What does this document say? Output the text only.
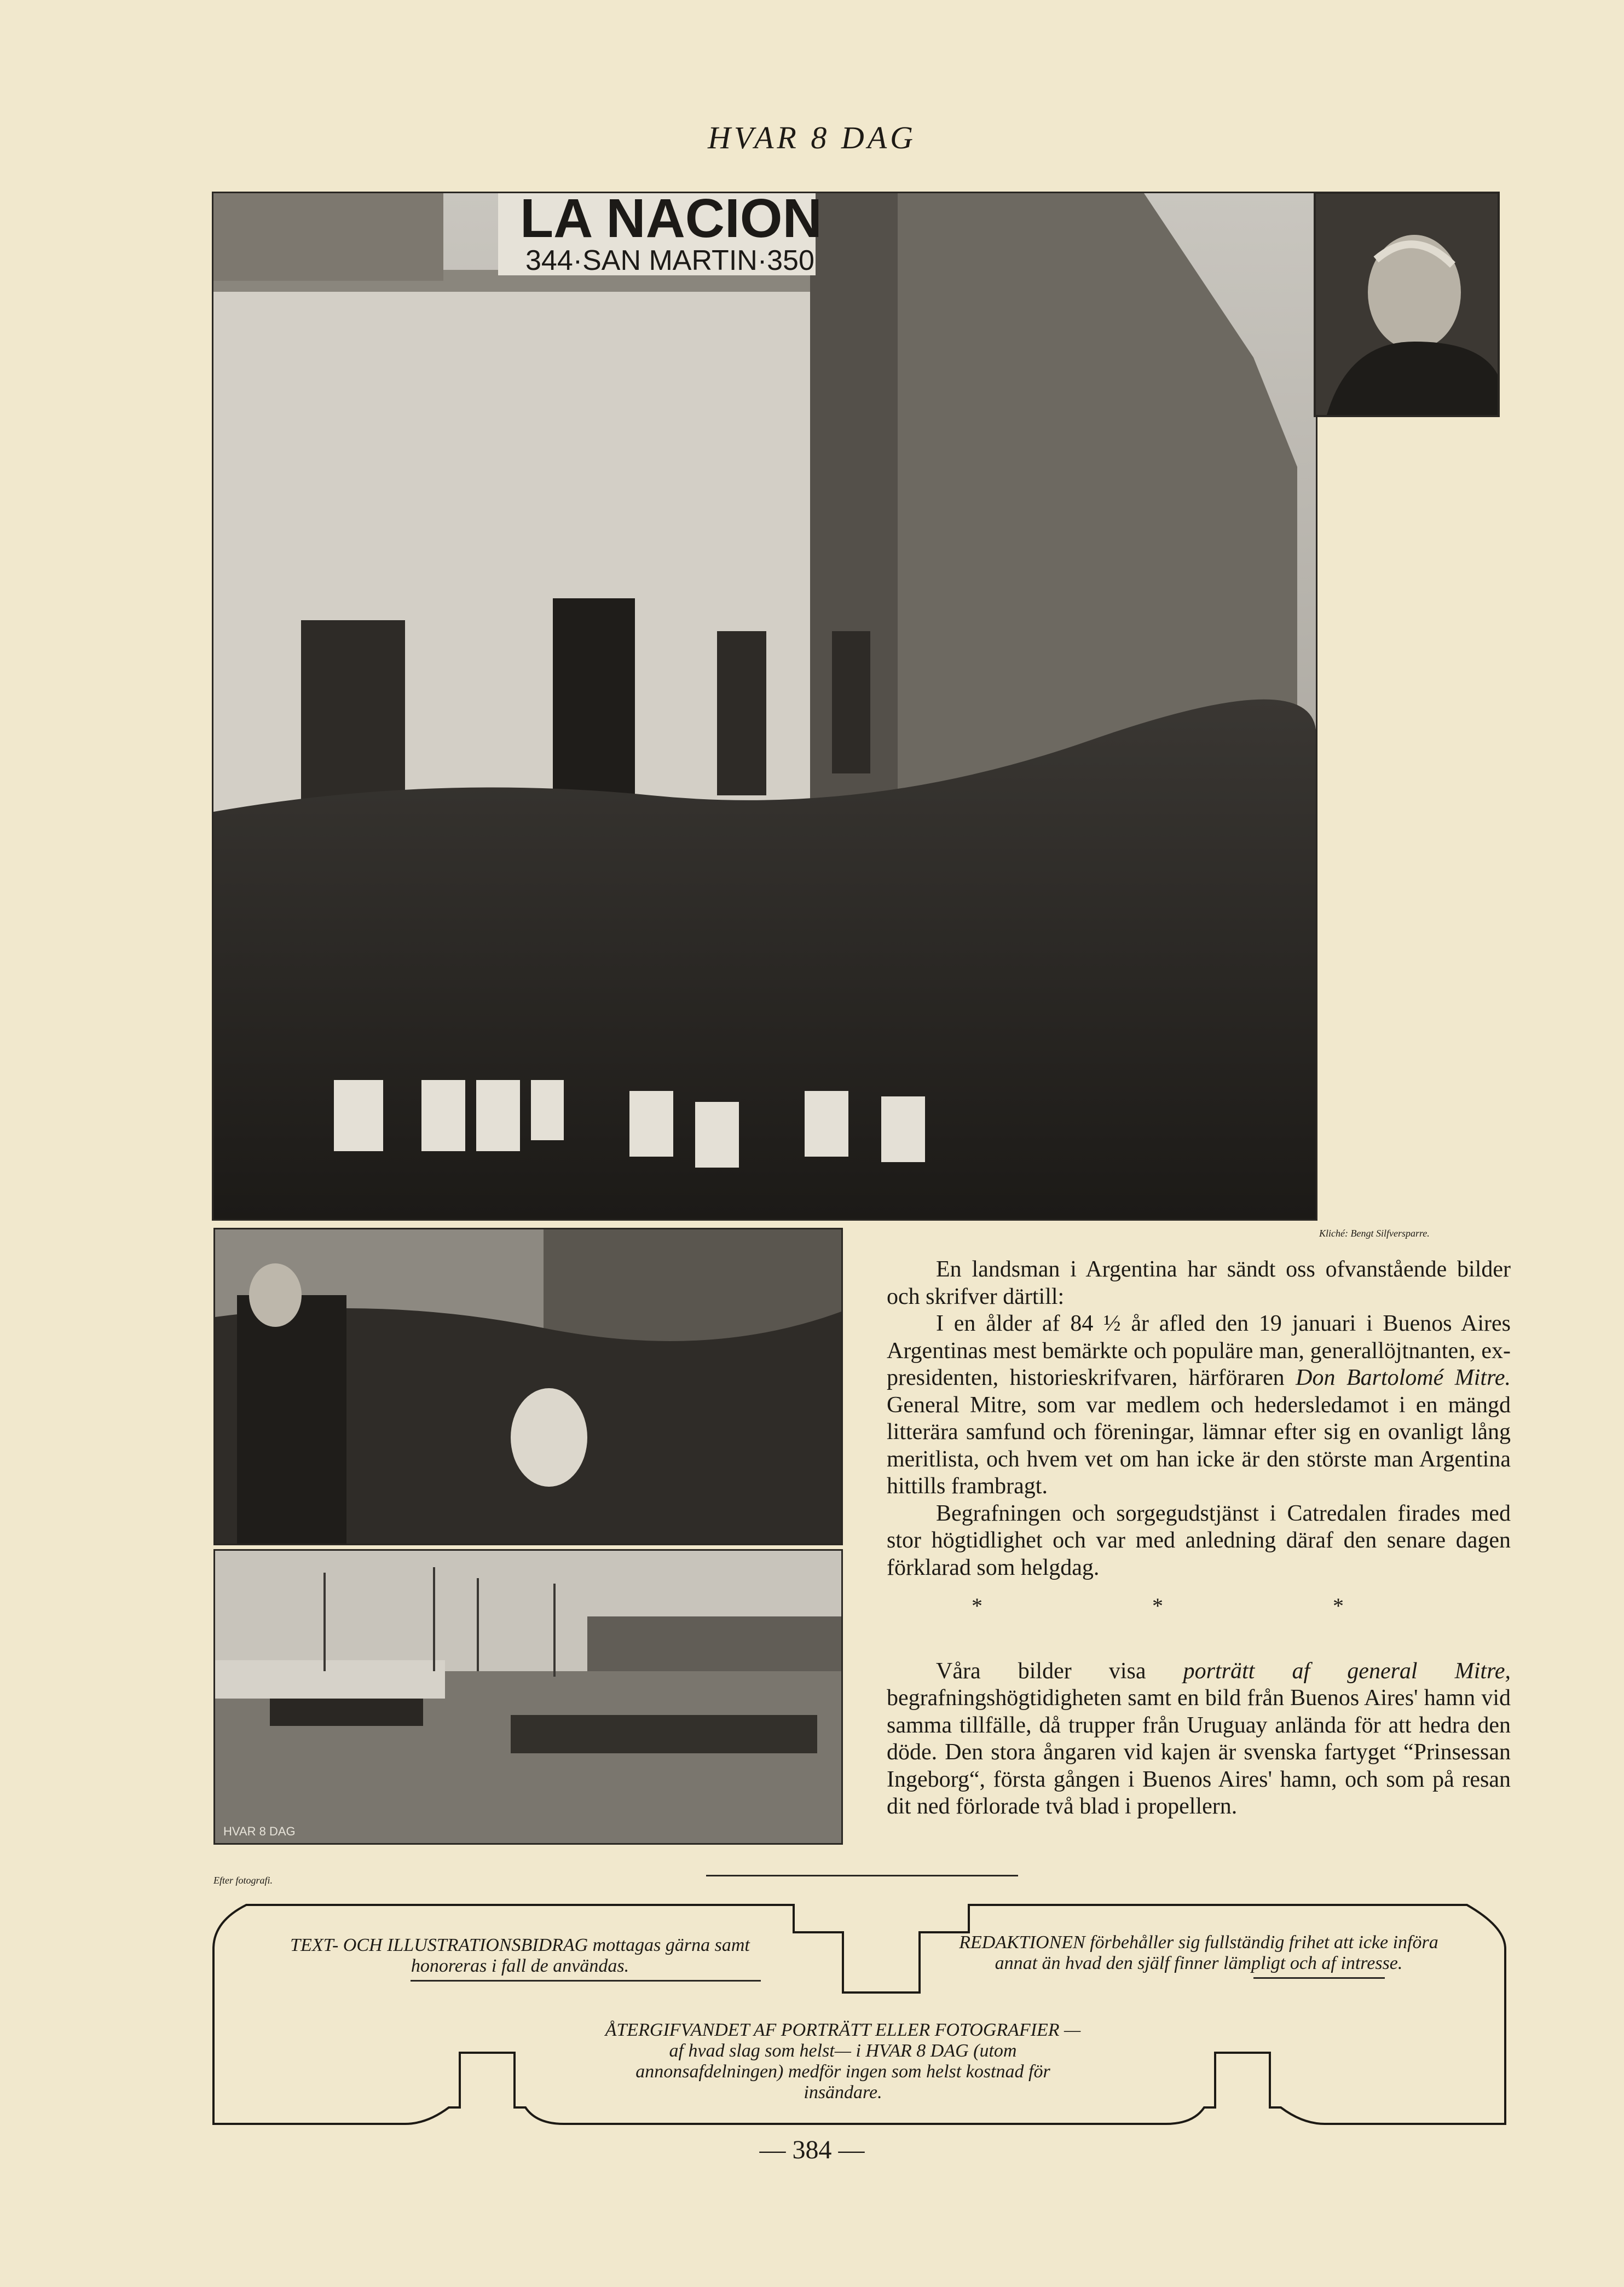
HVAR 8 DAG
LA NACION
344·SAN MARTIN·350
Kliché: Bengt Silfversparre.
HVAR 8 DAG
Efter fotografi.

En landsman i Argentina har sändt oss ofvanstående bilder och skrifver därtill:

I en ålder af 84 ½ år afled den 19 januari i Buenos Aires Argentinas mest bemärkte och populäre man, generallöjtnanten, ex-presidenten, historieskrifvaren, härföraren Don Bartolomé Mitre. General Mitre, som var medlem och hedersledamot i en mängd litterära samfund och föreningar, lämnar efter sig en ovanligt lång meritlista, och hvem vet om han icke är den störste man Argentina hittills frambragt.

Begrafningen och sorgegudstjänst i Catredalen firades med stor högtidlighet och var med anledning däraf den senare dagen förklarad som helgdag.

* * *

Våra bilder visa porträtt af general Mitre, begrafningshögtidigheten samt en bild från Buenos Aires' hamn vid samma tillfälle, då trupper från Uruguay anlända för att hedra den döde. Den stora ångaren vid kajen är svenska fartyget “Prinsessan Ingeborg“, första gången i Buenos Aires' hamn, och som på resan dit ned förlorade två blad i propellern.

TEXT- OCH ILLUSTRATIONSBIDRAG mottagas gärna samt honoreras i fall de användas.
REDAKTIONEN förbehåller sig fullständig frihet att icke införa annat än hvad den själf finner lämpligt och af intresse.
ÅTERGIFVANDET AF PORTRÄTT ELLER FOTOGRAFIER —af hvad slag som helst— i HVAR 8 DAG (utom annonsafdelningen) medför ingen som helst kostnad för insändare.
— 384 —
